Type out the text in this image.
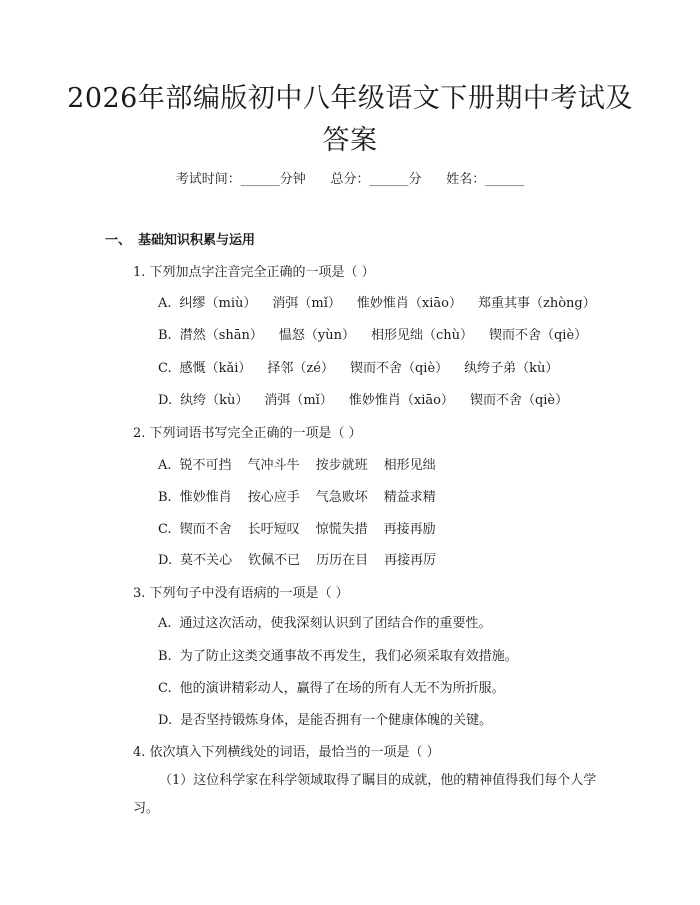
2026年部编版初中八年级语文下册期中考试及答案
考试时间：______分钟      总分：______分      姓名：______
一、 基础知识积累与运用
1. 下列加点字注音完全正确的一项是（ ）
A. 纠缪（miù） 消弭（mǐ） 惟妙惟肖（xiāo） 郑重其事（zhòng）
B. 潸然（shān） 愠怒（yùn） 相形见绌（chù） 锲而不舍（qiè）
C. 感慨（kǎi） 择邻（zé） 锲而不舍（qiè） 纨绔子弟（kù）
D. 纨绔（kù） 消弭（mǐ） 惟妙惟肖（xiāo） 锲而不舍（qiè）
2. 下列词语书写完全正确的一项是（ ）
A. 锐不可挡 气冲斗牛 按步就班 相形见绌
B. 惟妙惟肖 按心应手 气急败坏 精益求精
C. 锲而不舍 长吁短叹 惊慌失措 再接再励
D. 莫不关心 钦佩不已 历历在目 再接再厉
3. 下列句子中没有语病的一项是（ ）
A. 通过这次活动，使我深刻认识到了团结合作的重要性。
B. 为了防止这类交通事故不再发生，我们必须采取有效措施。
C. 他的演讲精彩动人，赢得了在场的所有人无不为所折服。
D. 是否坚持锻炼身体，是能否拥有一个健康体魄的关键。
4. 依次填入下列横线处的词语，最恰当的一项是（ ）
（1）这位科学家在科学领域取得了瞩目的成就，他的精神值得我们每个人学习。
